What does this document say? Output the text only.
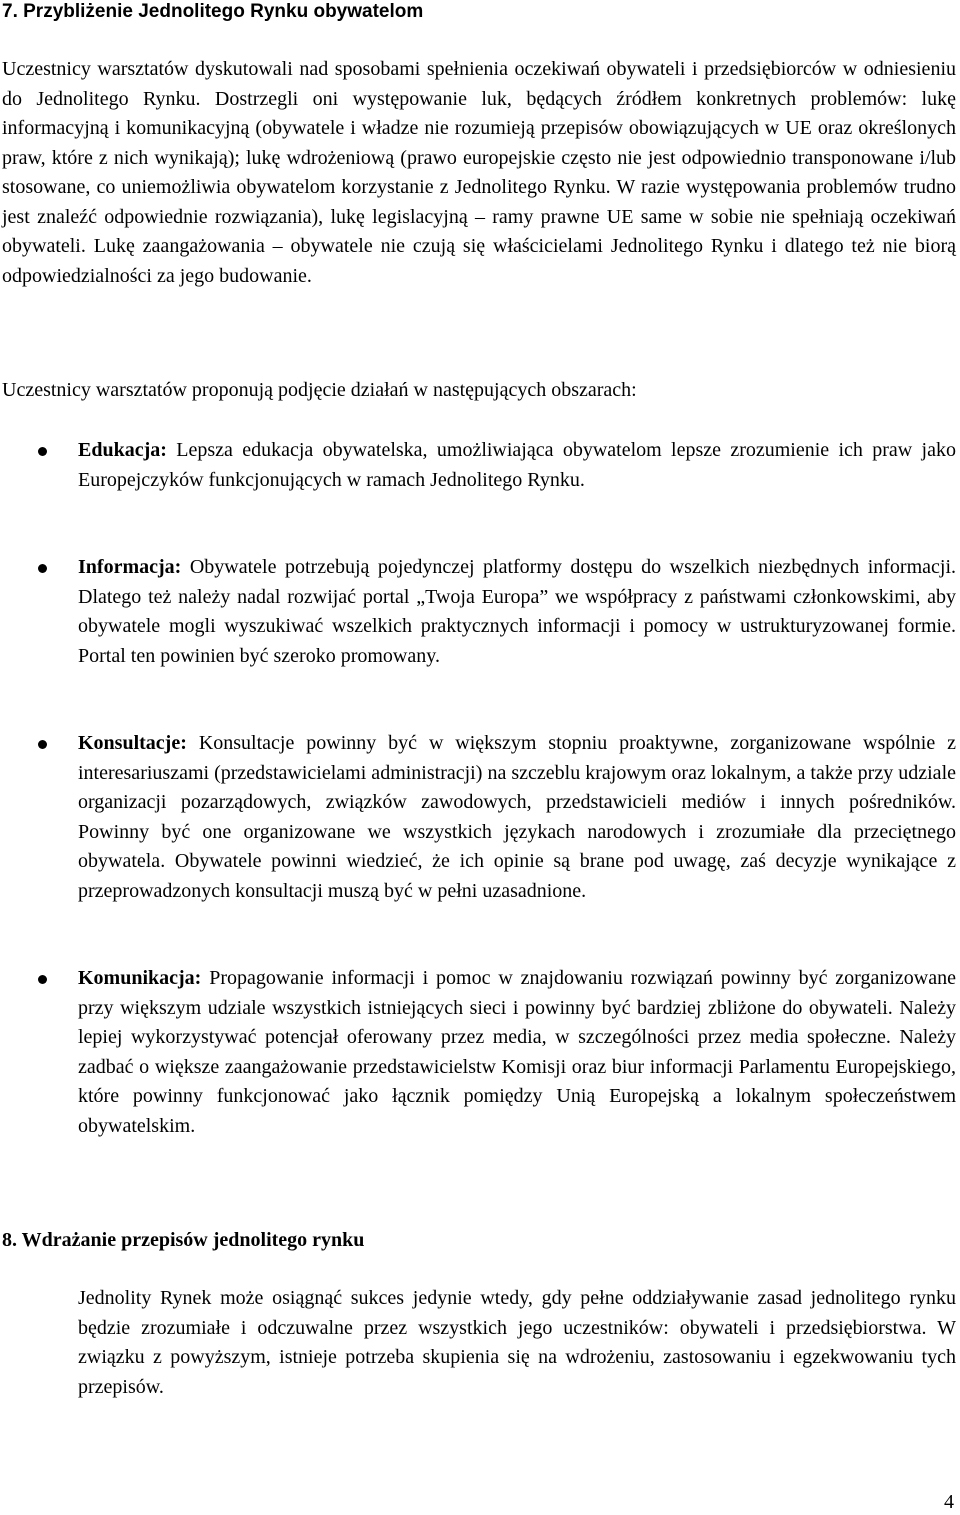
7. Przybliżenie Jednolitego Rynku obywatelom

Uczestnicy warsztatów dyskutowali nad sposobami spełnienia oczekiwań obywateli i przedsiębiorców w odniesieniu do Jednolitego Rynku. Dostrzegli oni występowanie luk, będących źródłem konkretnych problemów: lukę informacyjną i komunikacyjną (obywatele i władze nie rozumieją przepisów obowiązujących w UE oraz określonych praw, które z nich wynikają); lukę wdrożeniową (prawo europejskie często nie jest odpowiednio transponowane i/lub stosowane, co uniemożliwia obywatelom korzystanie z Jednolitego Rynku. W razie występowania problemów trudno jest znaleźć odpowiednie rozwiązania), lukę legislacyjną – ramy prawne UE same w sobie nie spełniają oczekiwań obywateli. Lukę zaangażowania – obywatele nie czują się właścicielami Jednolitego Rynku i dlatego też nie biorą odpowiedzialności za jego budowanie.

Uczestnicy warsztatów proponują podjęcie działań w następujących obszarach:

Edukacja: Lepsza edukacja obywatelska, umożliwiająca obywatelom lepsze zrozumienie ich praw jako Europejczyków funkcjonujących w ramach Jednolitego Rynku.

Informacja: Obywatele potrzebują pojedynczej platformy dostępu do wszelkich niezbędnych informacji. Dlatego też należy nadal rozwijać portal „Twoja Europa” we współpracy z państwami członkowskimi, aby obywatele mogli wyszukiwać wszelkich praktycznych informacji i pomocy w ustrukturyzowanej formie. Portal ten powinien być szeroko promowany.

Konsultacje: Konsultacje powinny być w większym stopniu proaktywne, zorganizowane wspólnie z interesariuszami (przedstawicielami administracji) na szczeblu krajowym oraz lokalnym, a także przy udziale organizacji pozarządowych, związków zawodowych, przedstawicieli mediów i innych pośredników. Powinny być one organizowane we wszystkich językach narodowych i zrozumiałe dla przeciętnego obywatela. Obywatele powinni wiedzieć, że ich opinie są brane pod uwagę, zaś decyzje wynikające z przeprowadzonych konsultacji muszą być w pełni uzasadnione.

Komunikacja: Propagowanie informacji i pomoc w znajdowaniu rozwiązań powinny być zorganizowane przy większym udziale wszystkich istniejących sieci i powinny być bardziej zbliżone do obywateli. Należy lepiej wykorzystywać potencjał oferowany przez media, w szczególności przez media społeczne. Należy zadbać o większe zaangażowanie przedstawicielstw Komisji oraz biur informacji Parlamentu Europejskiego, które powinny funkcjonować jako łącznik pomiędzy Unią Europejską a lokalnym społeczeństwem obywatelskim.

8. Wdrażanie przepisów jednolitego rynku

Jednolity Rynek może osiągnąć sukces jedynie wtedy, gdy pełne oddziaływanie zasad jednolitego rynku będzie zrozumiałe i odczuwalne przez wszystkich jego uczestników: obywateli i przedsiębiorstwa. W związku z powyższym, istnieje potrzeba skupienia się na wdrożeniu, zastosowaniu i egzekwowaniu tych przepisów.

4
